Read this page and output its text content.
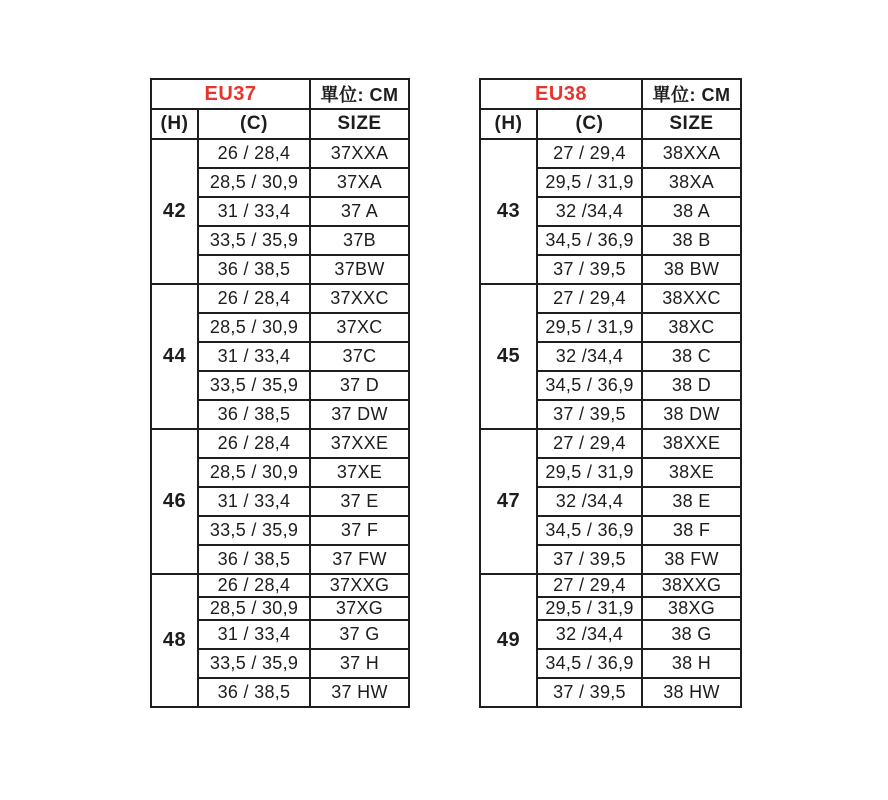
EU37		單位: CM
(H)	(C)	SIZE
42	26 / 28,4	37XXA
	28,5 / 30,9	37XA
	31 / 33,4	37 A
	33,5 / 35,9	37B
	36 / 38,5	37BW
44	26 / 28,4	37XXC
	28,5 / 30,9	37XC
	31 / 33,4	37C
	33,5 / 35,9	37 D
	36 / 38,5	37 DW
46	26 / 28,4	37XXE
	28,5 / 30,9	37XE
	31 / 33,4	37 E
	33,5 / 35,9	37 F
	36 / 38,5	37 FW
48	26 / 28,4	37XXG
	28,5 / 30,9	37XG
	31 / 33,4	37 G
	33,5 / 35,9	37 H
	36 / 38,5	37 HW
EU38		單位: CM
(H)	(C)	SIZE
43	27 / 29,4	38XXA
	29,5 / 31,9	38XA
	32 /34,4	38 A
	34,5 / 36,9	38 B
	37 / 39,5	38 BW
45	27 / 29,4	38XXC
	29,5 / 31,9	38XC
	32 /34,4	38 C
	34,5 / 36,9	38 D
	37 / 39,5	38 DW
47	27 / 29,4	38XXE
	29,5 / 31,9	38XE
	32 /34,4	38 E
	34,5 / 36,9	38 F
	37 / 39,5	38 FW
49	27 / 29,4	38XXG
	29,5 / 31,9	38XG
	32 /34,4	38 G
	34,5 / 36,9	38 H
	37 / 39,5	38 HW
